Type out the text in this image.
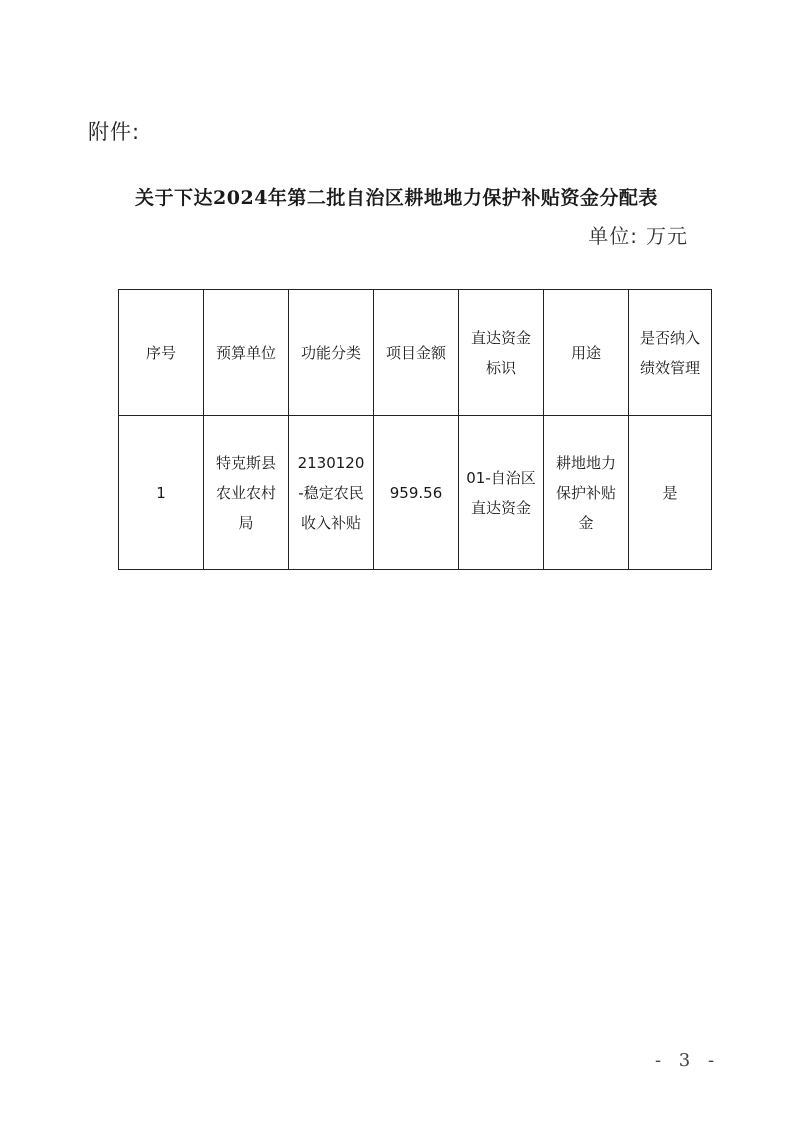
附件:
关于下达2024年第二批自治区耕地地力保护补贴资金分配表
单位: 万元
序号	预算单位	功能分类	项目金额	直达资金标识	用途	是否纳入绩效管理
1	特克斯县农业农村局	2130120-稳定农民收入补贴	959.56	01-自治区直达资金	耕地地力保护补贴金	是
- 3 -
